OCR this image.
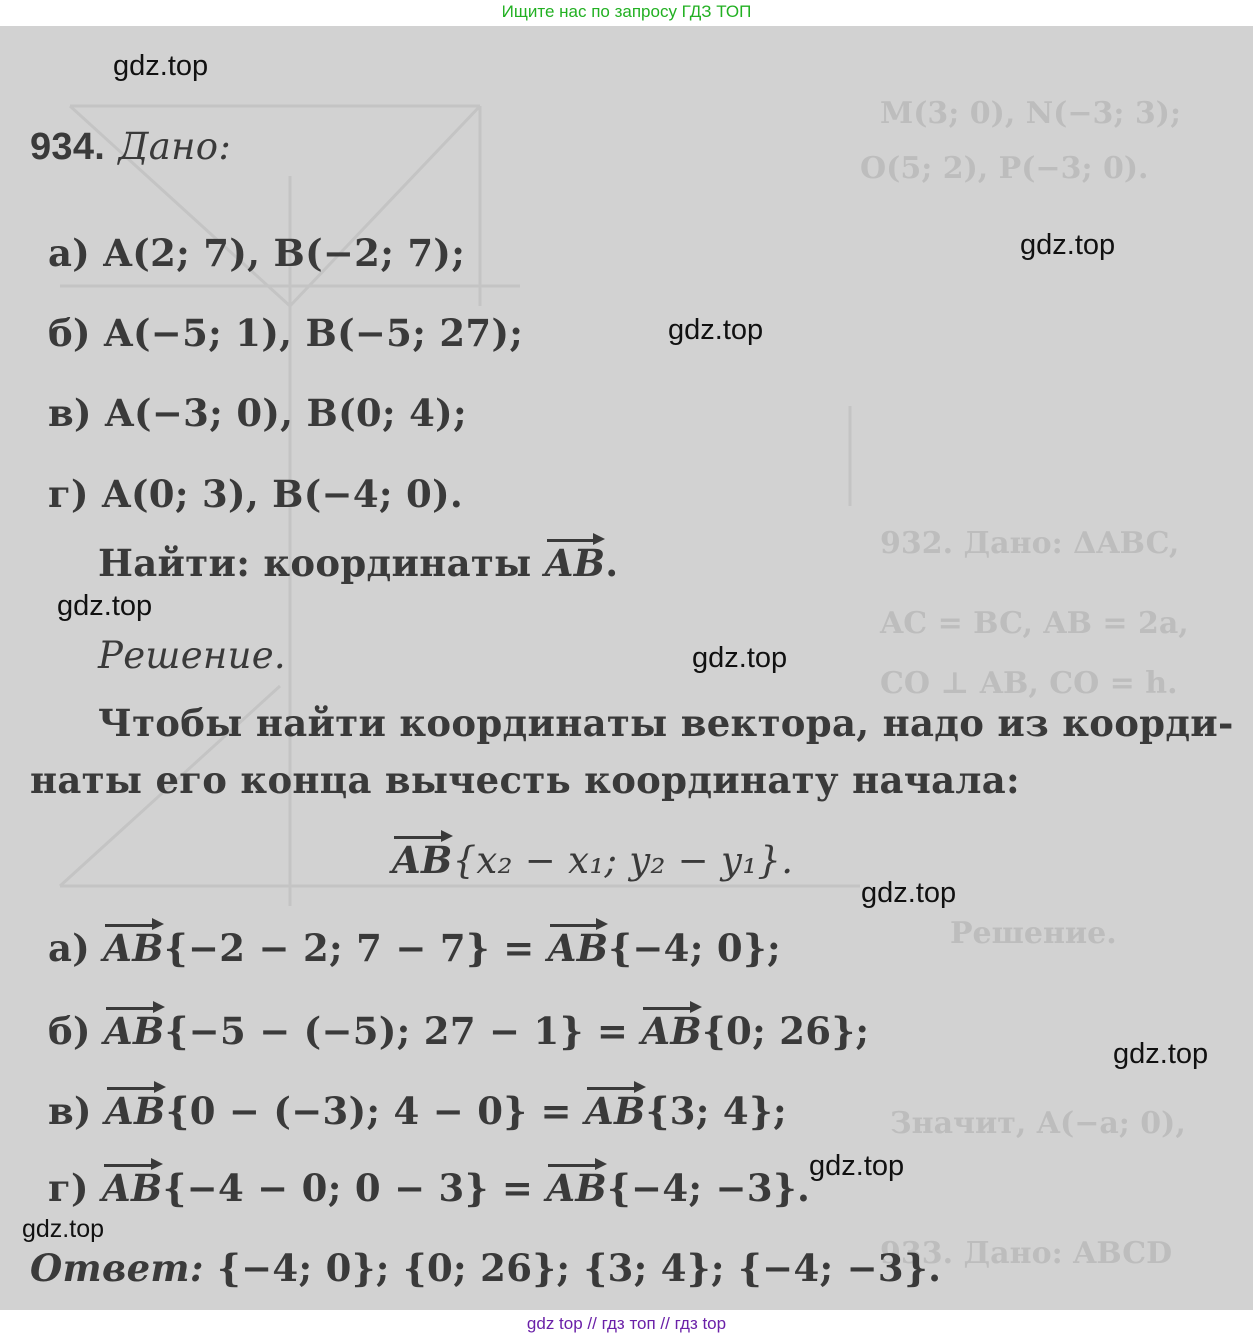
Ищите нас по запросу ГДЗ ТОП
M(3; 0), N(−3; 3);
O(5; 2), P(−3; 0).
932. Дано: ΔABC,
AC = BC, AB = 2a,
CO ⊥ AB, CO = h.
Решение.
Значит, A(−a; 0),
933. Дано: ABCD
934. Дано:
а) A(2; 7), B(−2; 7);
б) A(−5; 1), B(−5; 27);
в) A(−3; 0), B(0; 4);
г) A(0; 3), B(−4; 0).
Найти: координаты AB.
Решение.
Чтобы найти координаты вектора, надо из коорди-
наты его конца вычесть координату начала:
AB{x₂ − x₁; y₂ − y₁}.
а) AB{−2 − 2; 7 − 7} = AB{−4; 0};
б) AB{−5 − (−5); 27 − 1} = AB{0; 26};
в) AB{0 − (−3); 4 − 0} = AB{3; 4};
г) AB{−4 − 0; 0 − 3} = AB{−4; −3}.
Ответ: {−4; 0}; {0; 26}; {3; 4}; {−4; −3}.
gdz.top
gdz.top
gdz.top
gdz.top
gdz.top
gdz.top
gdz.top
gdz.top
gdz.top
gdz top // гдз топ // гдз top
